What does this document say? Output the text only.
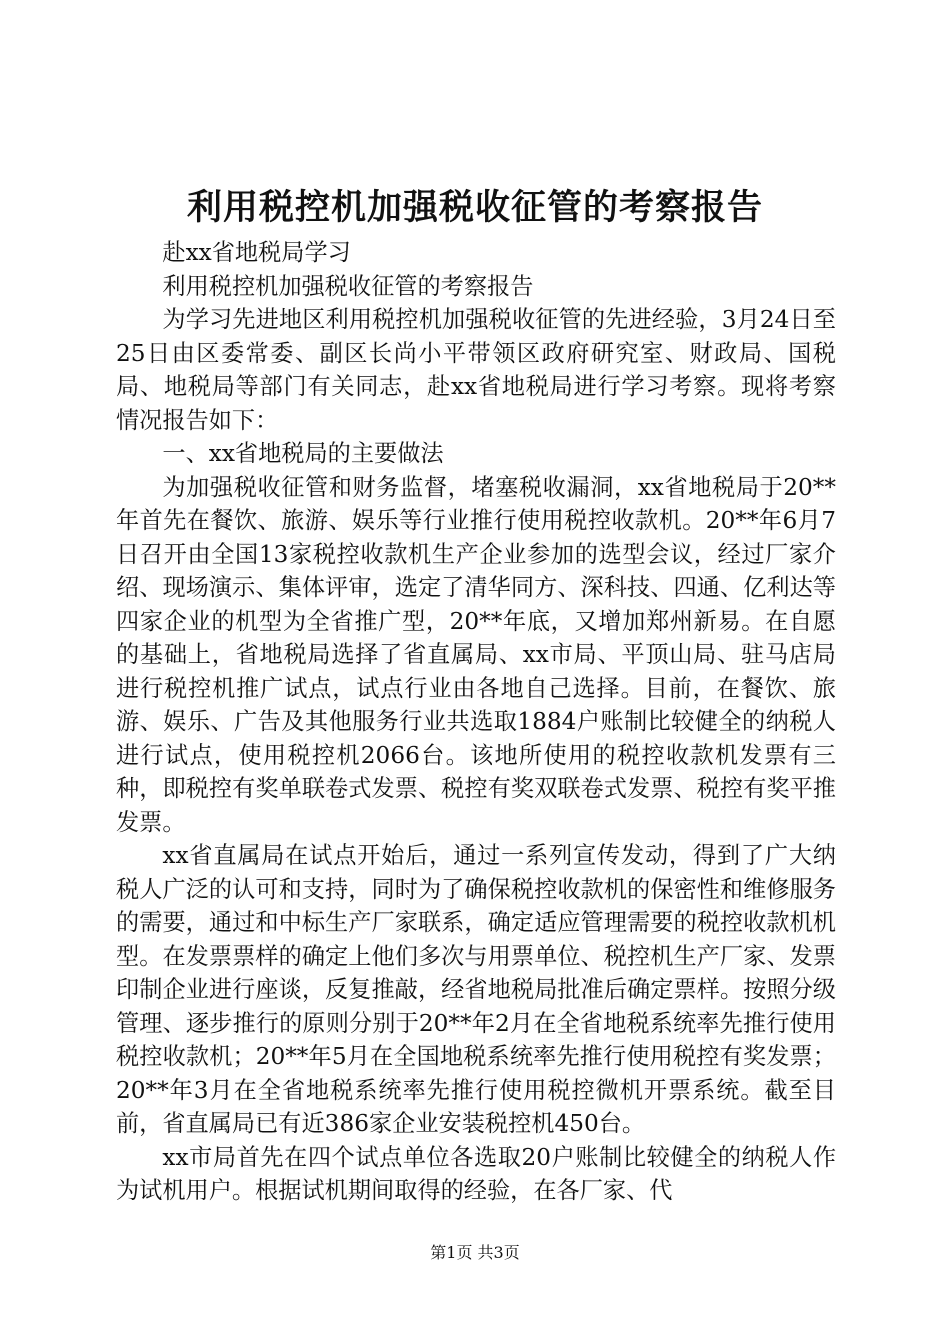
利用税控机加强税收征管的考察报告

赴xx省地税局学习

利用税控机加强税收征管的考察报告

为学习先进地区利用税控机加强税收征管的先进经验，3月24日至25日由区委常委、副区长尚小平带领区政府研究室、财政局、国税局、地税局等部门有关同志，赴xx省地税局进行学习考察。现将考察情况报告如下：

一、xx省地税局的主要做法

为加强税收征管和财务监督，堵塞税收漏洞，xx省地税局于20**年首先在餐饮、旅游、娱乐等行业推行使用税控收款机。20**年6月7日召开由全国13家税控收款机生产企业参加的选型会议，经过厂家介绍、现场演示、集体评审，选定了清华同方、深科技、四通、亿利达等四家企业的机型为全省推广型，20**年底，又增加郑州新易。在自愿的基础上，省地税局选择了省直属局、xx市局、平顶山局、驻马店局进行税控机推广试点，试点行业由各地自己选择。目前，在餐饮、旅游、娱乐、广告及其他服务行业共选取1884户账制比较健全的纳税人进行试点，使用税控机2066台。该地所使用的税控收款机发票有三种，即税控有奖单联卷式发票、税控有奖双联卷式发票、税控有奖平推发票。

xx省直属局在试点开始后，通过一系列宣传发动，得到了广大纳税人广泛的认可和支持，同时为了确保税控收款机的保密性和维修服务的需要，通过和中标生产厂家联系，确定适应管理需要的税控收款机机型。在发票票样的确定上他们多次与用票单位、税控机生产厂家、发票印制企业进行座谈，反复推敲，经省地税局批准后确定票样。按照分级管理、逐步推行的原则分别于20**年2月在全省地税系统率先推行使用税控收款机；20**年5月在全国地税系统率先推行使用税控有奖发票；20**年3月在全省地税系统率先推行使用税控微机开票系统。截至目前，省直属局已有近386家企业安装税控机450台。

xx市局首先在四个试点单位各选取20户账制比较健全的纳税人作为试机用户。根据试机期间取得的经验，在各厂家、代

第1页 共3页
